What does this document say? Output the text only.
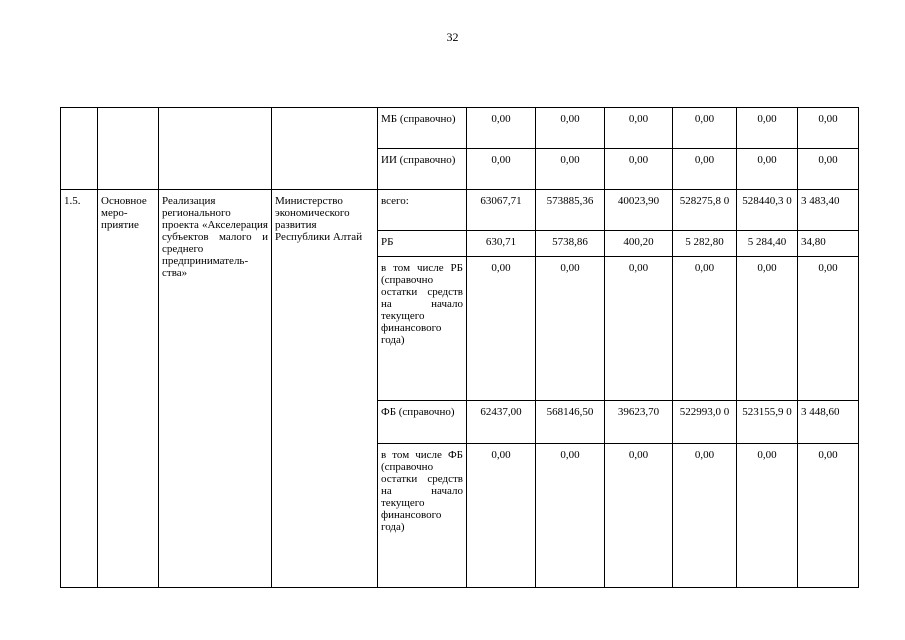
32
				МБ (справочно)	0,00	0,00	0,00	0,00	0,00	0,00
				ИИ (справочно)	0,00	0,00	0,00	0,00	0,00	0,00
1.5.	Основное меро-приятие	Реализация регионального проекта «Акселерация субъектов малого и среднего предприниматель-ства»	Министерство экономического развития Республики Алтай	всего:	63067,71	573885,36	40023,90	528275,8 0	528440,3 0	3 483,40
				РБ	630,71	5738,86	400,20	5 282,80	5 284,40	34,80
				в том числе РБ (справочно остатки средств на начало текущего финансового года)	0,00	0,00	0,00	0,00	0,00	0,00
				ФБ (справочно)	62437,00	568146,50	39623,70	522993,0 0	523155,9 0	3 448,60
				в том числе ФБ (справочно остатки средств на начало текущего финансового года)	0,00	0,00	0,00	0,00	0,00	0,00
